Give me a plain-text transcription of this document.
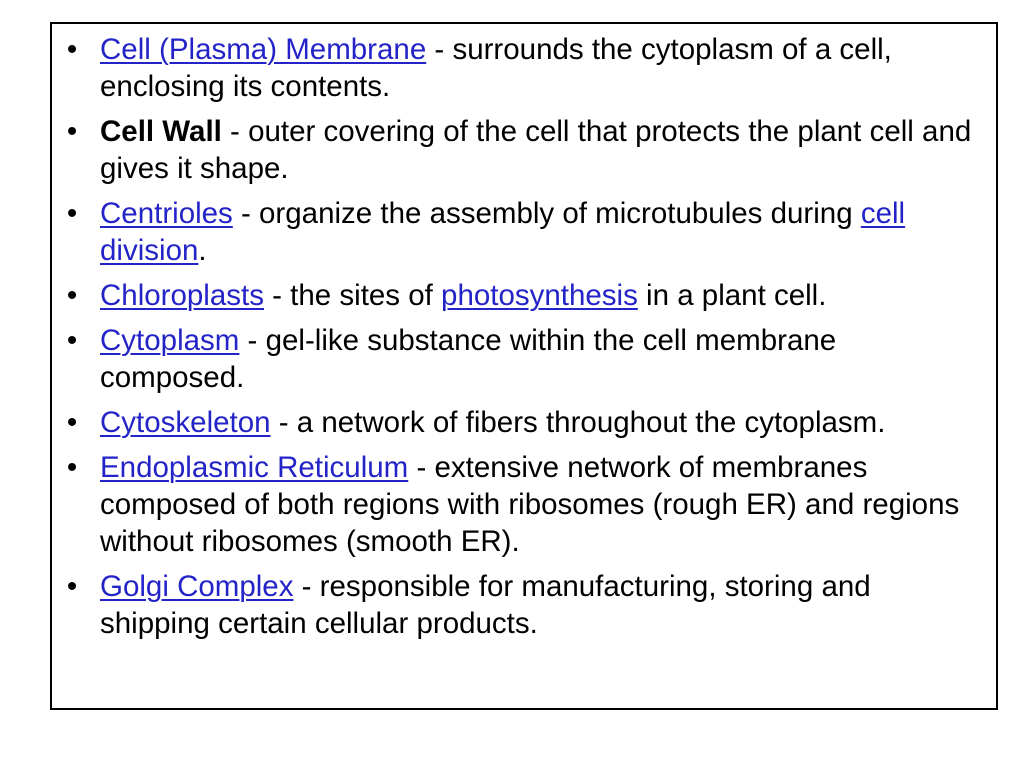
• Cell (Plasma) Membrane - surrounds the cytoplasm of a cell, enclosing its contents.
• Cell Wall - outer covering of the cell that protects the plant cell and gives it shape.
• Centrioles - organize the assembly of microtubules during cell division.
• Chloroplasts - the sites of photosynthesis in a plant cell.
• Cytoplasm - gel-like substance within the cell membrane composed.
• Cytoskeleton - a network of fibers throughout the cytoplasm.
• Endoplasmic Reticulum - extensive network of membranes composed of both regions with ribosomes (rough ER) and regions without ribosomes (smooth ER).
• Golgi Complex - responsible for manufacturing, storing and shipping certain cellular products.
